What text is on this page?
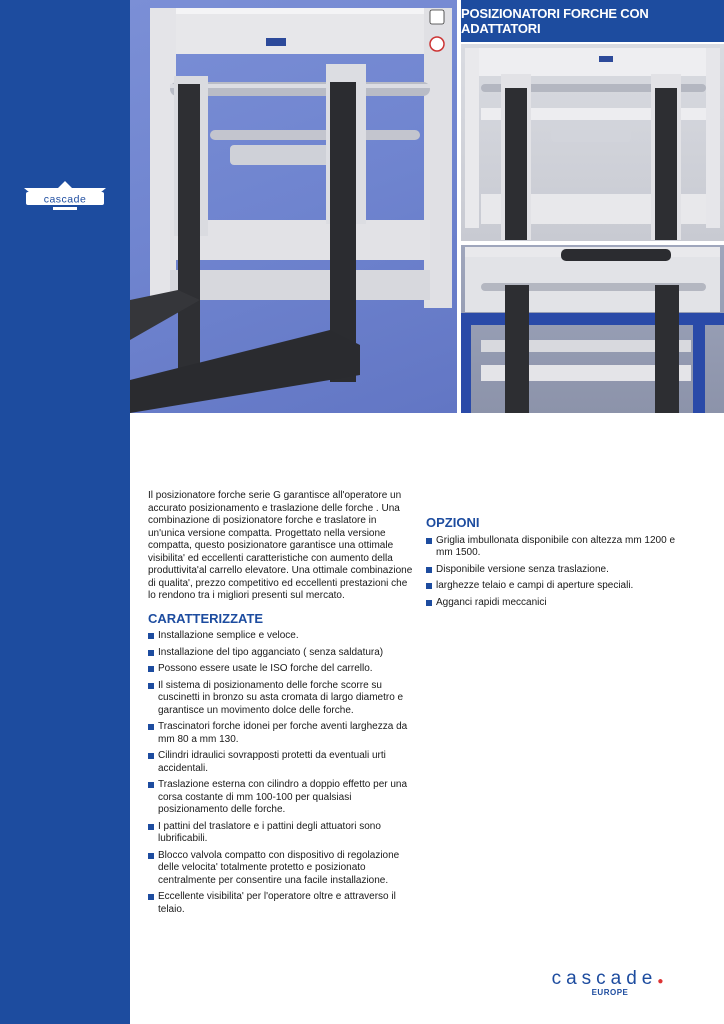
cascade
POSIZIONATORI FORCHE CON ADATTATORI

Il posizionatore forche serie G garantisce all'operatore un accurato posizionamento e traslazione delle forche . Una combinazione di posizionatore forche e traslatore in un'unica versione compatta. Progettato nella versione compatta, questo posizionatore garantisce una ottimale visibilita' ed eccellenti caratteristiche con aumento della produttivita'al carrello elevatore. Una ottimale combinazione di qualita', prezzo competitivo ed eccellenti prestazioni che lo rendono tra i migliori presenti sul mercato.

CARATTERIZZATE
Installazione semplice e veloce.
Installazione del tipo agganciato ( senza saldatura)
Possono essere usate le ISO forche del carrello.
Il sistema di posizionamento delle forche scorre su cuscinetti in bronzo su asta cromata di largo diametro e garantisce un movimento dolce delle forche.
Trascinatori forche idonei per forche aventi larghezza da mm 80 a mm 130.
Cilindri idraulici sovrapposti protetti da eventuali urti accidentali.
Traslazione esterna con cilindro a doppio effetto per una corsa costante di mm 100-100 per qualsiasi posizionamento delle forche.
I pattini del traslatore e i pattini degli attuatori sono lubrificabili.
Blocco valvola compatto con dispositivo di regolazione delle velocita' totalmente protetto e posizionato centralmente per consentire una facile installazione.
Eccellente visibilita' per l'operatore oltre e attraverso il telaio.
OPZIONI
Griglia imbullonata disponibile con altezza mm 1200 e mm 1500.
Disponibile versione senza traslazione.
larghezze telaio e campi di aperture speciali.
Agganci rapidi meccanici
cascade●
EUROPE
